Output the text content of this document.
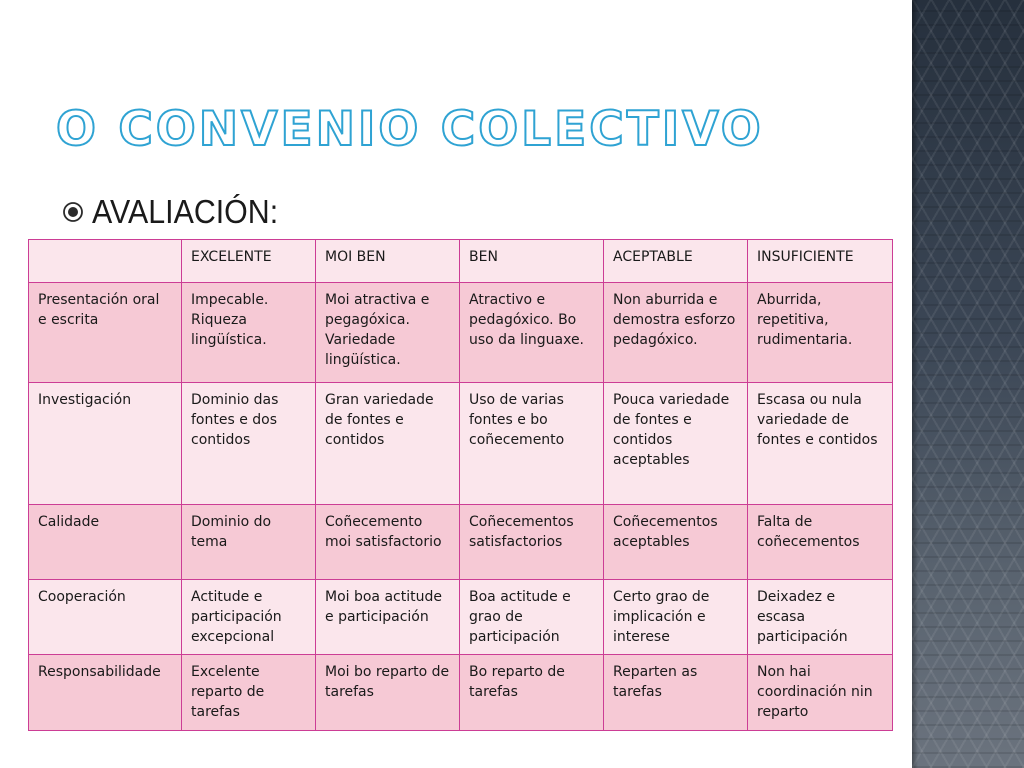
O CONVENIO COLECTIVO
AVALIACIÓN:
	EXCELENTE	MOI BEN	BEN	ACEPTABLE	INSUFICIENTE
Presentación oral e escrita	Impecable. Riqueza lingüística.	Moi atractiva e pegagóxica. Variedade lingüística.	Atractivo e pedagóxico. Bo uso da linguaxe.	Non aburrida e demostra esforzo pedagóxico.	Aburrida, repetitiva, rudimentaria.
Investigación	Dominio das fontes e dos contidos	Gran variedade de fontes e contidos	Uso de varias fontes e bo coñecemento	Pouca variedade de fontes e contidos aceptables	Escasa ou nula variedade de fontes e contidos
Calidade	Dominio do tema	Coñecemento moi satisfactorio	Coñecementos satisfactorios	Coñecementos aceptables	Falta de coñecementos
Cooperación	Actitude e participación excepcional	Moi boa actitude e participación	Boa actitude e grao de participación	Certo grao de implicación e interese	Deixadez e escasa participación
Responsabilidade	Excelente reparto de tarefas	Moi bo reparto de tarefas	Bo reparto de tarefas	Reparten as tarefas	Non hai coordinación nin reparto
